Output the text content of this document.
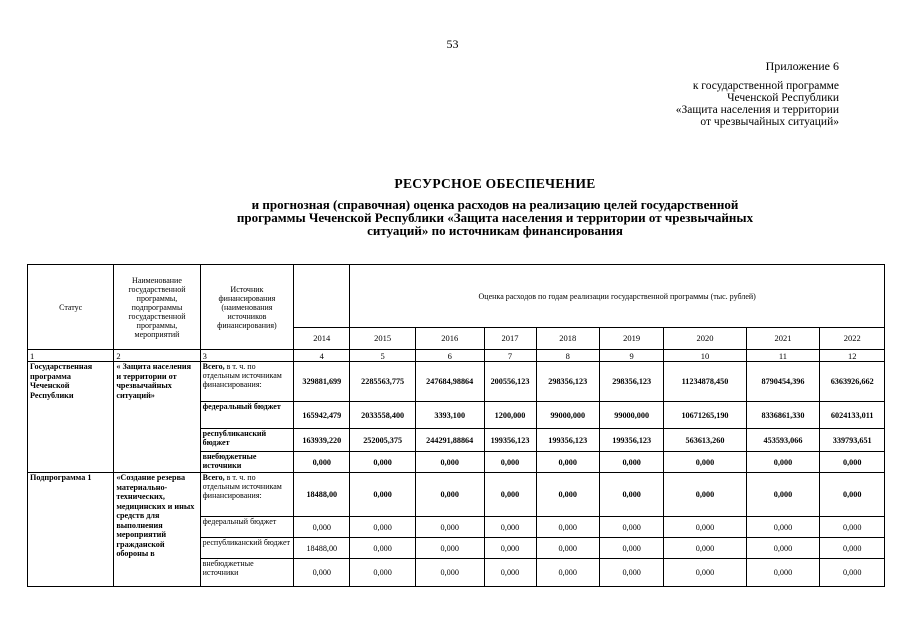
53
Приложение 6
к государственной программе
Чеченской Республики
«Защита населения и территории
от чрезвычайных ситуаций»
РЕСУРСНОЕ ОБЕСПЕЧЕНИЕ
и прогнозная (справочная) оценка расходов на реализацию целей государственной
программы Чеченской Республики «Защита населения и территории от чрезвычайных
ситуаций» по источникам финансирования
Статус	Наименование государственной программы, подпрограммы государственной программы, мероприятий	Источник финансирования (наименования источников финансирования)		Оценка расходов по годам реализации государственной программы (тыс. рублей)							
			2014	2015	2016	2017	2018	2019	2020	2021	2022
1	2	3	4	5	6	7	8	9	10	11	12
Государственная программа Чеченской Республики	« Защита населения и территории от чрезвычайных ситуаций»	Всего, в т. ч. по отдельным источникам финансирования:	329881,699	2285563,775	247684,98864	200556,123	298356,123	298356,123	11234878,450	8790454,396	6363926,662
		федеральный бюджет	165942,479	2033558,400	3393,100	1200,000	99000,000	99000,000	10671265,190	8336861,330	6024133,011
		республиканский бюджет	163939,220	252005,375	244291,88864	199356,123	199356,123	199356,123	563613,260	453593,066	339793,651
		внебюджетные источники	0,000	0,000	0,000	0,000	0,000	0,000	0,000	0,000	0,000
Подпрограмма 1	«Создание резерва материально-технических, медицинских и иных средств для выполнения мероприятий гражданской обороны в	Всего, в т. ч. по отдельным источникам финансирования:	18488,00	0,000	0,000	0,000	0,000	0,000	0,000	0,000	0,000
		федеральный бюджет	0,000	0,000	0,000	0,000	0,000	0,000	0,000	0,000	0,000
		республиканский бюджет	18488,00	0,000	0,000	0,000	0,000	0,000	0,000	0,000	0,000
		внебюджетные источники	0,000	0,000	0,000	0,000	0,000	0,000	0,000	0,000	0,000
